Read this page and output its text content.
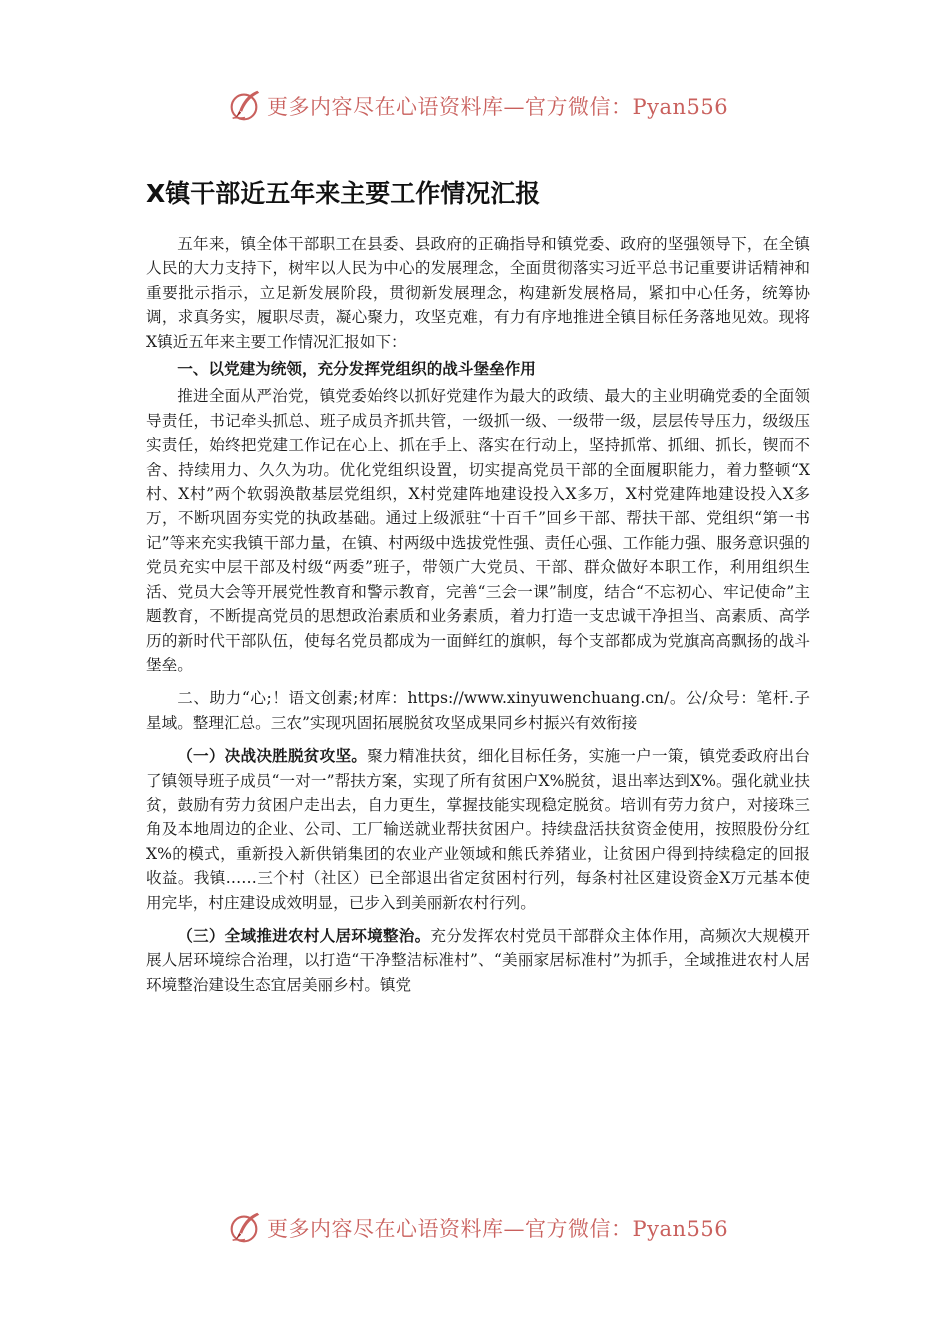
更多内容尽在心语资料库—官方微信：Pyan556
X镇干部近五年来主要工作情况汇报

五年来，镇全体干部职工在县委、县政府的正确指导和镇党委、政府的坚强领导下，在全镇人民的大力支持下，树牢以人民为中心的发展理念，全面贯彻落实习近平总书记重要讲话精神和重要批示指示，立足新发展阶段，贯彻新发展理念，构建新发展格局，紧扣中心任务，统筹协调，求真务实，履职尽责，凝心聚力，攻坚克难，有力有序地推进全镇目标任务落地见效。现将X镇近五年来主要工作情况汇报如下：

一、以党建为统领，充分发挥党组织的战斗堡垒作用

推进全面从严治党，镇党委始终以抓好党建作为最大的政绩、最大的主业明确党委的全面领导责任，书记牵头抓总、班子成员齐抓共管，一级抓一级、一级带一级，层层传导压力，级级压实责任，始终把党建工作记在心上、抓在手上、落实在行动上，坚持抓常、抓细、抓长，锲而不舍、持续用力、久久为功。优化党组织设置，切实提高党员干部的全面履职能力，着力整顿“X村、X村”两个软弱涣散基层党组织，X村党建阵地建设投入X多万，X村党建阵地建设投入X多万，不断巩固夯实党的执政基础。通过上级派驻“十百千”回乡干部、帮扶干部、党组织“第一书记”等来充实我镇干部力量，在镇、村两级中选拔党性强、责任心强、工作能力强、服务意识强的党员充实中层干部及村级“两委”班子，带领广大党员、干部、群众做好本职工作，利用组织生活、党员大会等开展党性教育和警示教育，完善“三会一课”制度，结合“不忘初心、牢记使命”主题教育，不断提高党员的思想政治素质和业务素质，着力打造一支忠诚干净担当、高素质、高学历的新时代干部队伍，使每名党员都成为一面鲜红的旗帜，每个支部都成为党旗高高飘扬的战斗堡垒。

二、助力“心;！语文创素;材库：https://www.xinyuwenchuang.cn/。公/众号：笔杆.子星域。整理汇总。三农”实现巩固拓展脱贫攻坚成果同乡村振兴有效衔接

（一）决战决胜脱贫攻坚。聚力精准扶贫，细化目标任务，实施一户一策，镇党委政府出台了镇领导班子成员“一对一”帮扶方案，实现了所有贫困户X%脱贫，退出率达到X%。强化就业扶贫，鼓励有劳力贫困户走出去，自力更生，掌握技能实现稳定脱贫。培训有劳力贫户，对接珠三角及本地周边的企业、公司、工厂输送就业帮扶贫困户。持续盘活扶贫资金使用，按照股份分红X%的模式，重新投入新供销集团的农业产业领域和熊氏养猪业，让贫困户得到持续稳定的回报收益。我镇……三个村（社区）已全部退出省定贫困村行列，每条村社区建设资金X万元基本使用完毕，村庄建设成效明显，已步入到美丽新农村行列。

（三）全域推进农村人居环境整治。充分发挥农村党员干部群众主体作用，高频次大规模开展人居环境综合治理，以打造“干净整洁标准村”、“美丽家居标准村”为抓手，全域推进农村人居环境整治建设生态宜居美丽乡村。镇党

更多内容尽在心语资料库—官方微信：Pyan556
